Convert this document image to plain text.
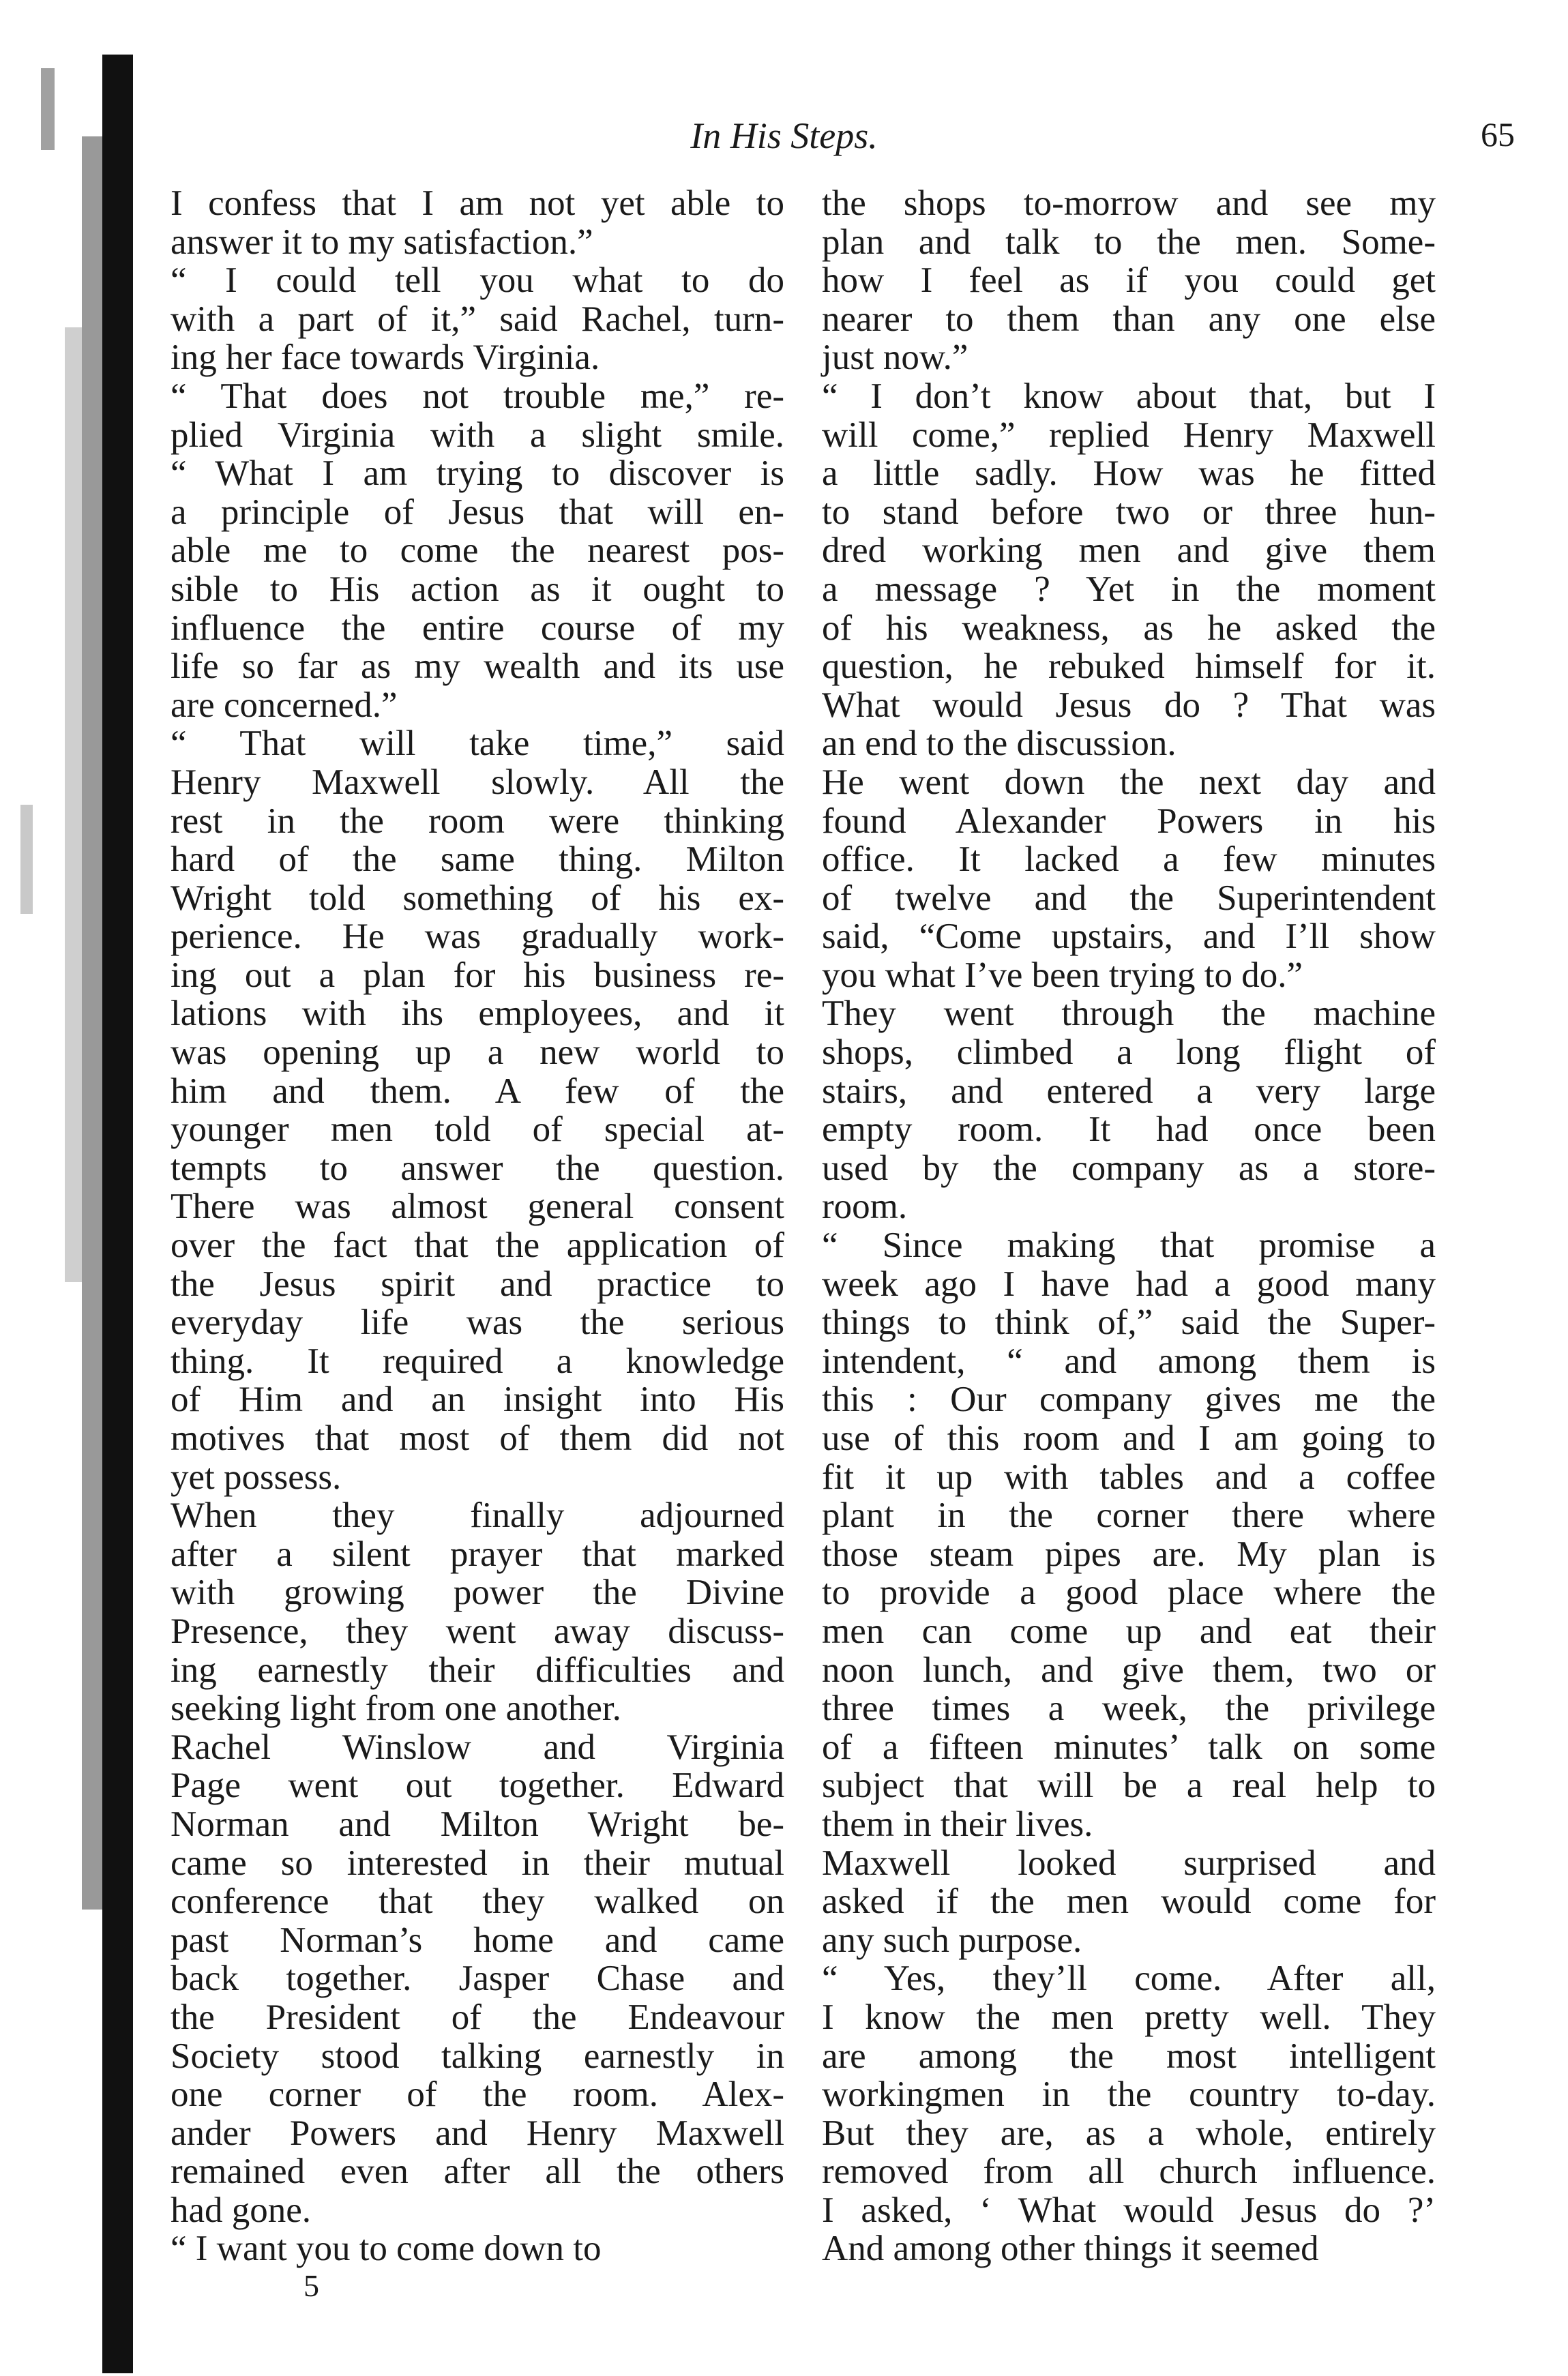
In His Steps.	65
I confess that I am not yet able to
answer it to my satisfaction.”
“ I could tell you what to do
with a part of it,” said Rachel, turn-
ing her face towards Virginia.
“ That does not trouble me,” re-
plied Virginia with a slight smile.
“ What I am trying to discover is
a principle of Jesus that will en-
able me to come the nearest pos-
sible to His action as it ought to
influence the entire course of my
life so far as my wealth and its use
are concerned.”
“ That will take time,” said
Henry Maxwell slowly. All the
rest in the room were thinking
hard of the same thing. Milton
Wright told something of his ex-
perience. He was gradually work-
ing out a plan for his business re-
lations with ihs employees, and it
was opening up a new world to
him and them. A few of the
younger men told of special at-
tempts to answer the question.
There was almost general consent
over the fact that the application of
the Jesus spirit and practice to
everyday life was the serious
thing. It required a knowledge
of Him and an insight into His
motives that most of them did not
yet possess.
When they finally adjourned
after a silent prayer that marked
with growing power the Divine
Presence, they went away discuss-
ing earnestly their difficulties and
seeking light from one another.
Rachel Winslow and Virginia
Page went out together. Edward
Norman and Milton Wright be-
came so interested in their mutual
conference that they walked on
past Norman’s home and came
back together. Jasper Chase and
the President of the Endeavour
Society stood talking earnestly in
one corner of the room. Alex-
ander Powers and Henry Maxwell
remained even after all the others
had gone.
“ I want you to come down to
the shops to-morrow and see my
plan and talk to the men. Some-
how I feel as if you could get
nearer to them than any one else
just now.”
“ I don’t know about that, but I
will come,” replied Henry Maxwell
a little sadly. How was he fitted
to stand before two or three hun-
dred working men and give them
a message ? Yet in the moment
of his weakness, as he asked the
question, he rebuked himself for it.
What would Jesus do ? That was
an end to the discussion.
He went down the next day and
found Alexander Powers in his
office. It lacked a few minutes
of twelve and the Superintendent
said, “Come upstairs, and I’ll show
you what I’ve been trying to do.”
They went through the machine
shops, climbed a long flight of
stairs, and entered a very large
empty room. It had once been
used by the company as a store-
room.
“ Since making that promise a
week ago I have had a good many
things to think of,” said the Super-
intendent, “ and among them is
this : Our company gives me the
use of this room and I am going to
fit it up with tables and a coffee
plant in the corner there where
those steam pipes are. My plan is
to provide a good place where the
men can come up and eat their
noon lunch, and give them, two or
three times a week, the privilege
of a fifteen minutes’ talk on some
subject that will be a real help to
them in their lives.
Maxwell looked surprised and
asked if the men would come for
any such purpose.
“ Yes, they’ll come. After all,
I know the men pretty well. They
are among the most intelligent
workingmen in the country to-day.
But they are, as a whole, entirely
removed from all church influence.
I asked, ‘ What would Jesus do ?’
And among other things it seemed
5
